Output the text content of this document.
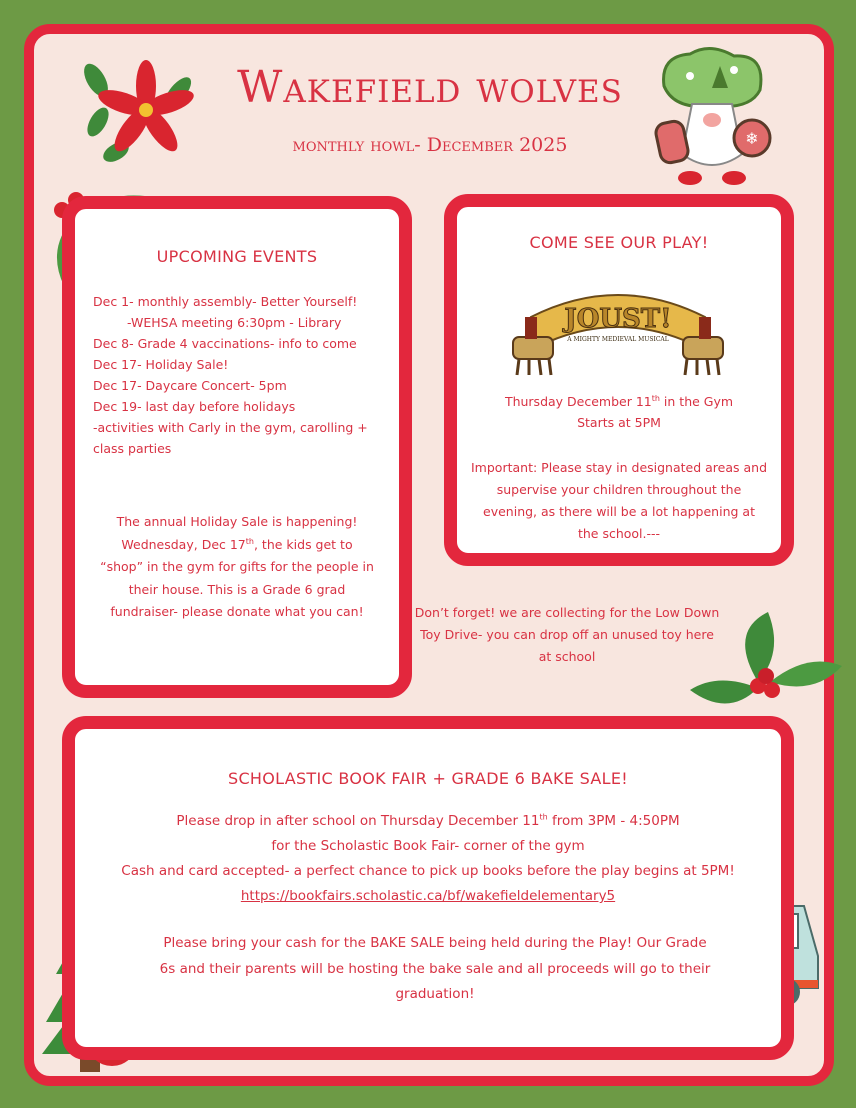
❄
Wakefield wolves
monthly howl- December 2025
UPCOMING EVENTS
Dec 1- monthly assembly- Better Yourself!
-WEHSA meeting 6:30pm - Library
Dec 8- Grade 4 vaccinations- info to come
Dec 17- Holiday Sale!
Dec 17- Daycare Concert- 5pm
Dec 19- last day before holidays
-activities with Carly in the gym, carolling + class parties
The annual Holiday Sale is happening!
Wednesday, Dec 17th, the kids get to
“shop” in the gym for gifts for the people in their house. This is a Grade 6 grad fundraiser- please donate what you can!
COME SEE OUR PLAY!
JOUST!
A MIGHTY MEDIEVAL MUSICAL
Thursday December 11th in the Gym
Starts at 5PM
Important: Please stay in designated areas and supervise your children throughout the evening, as there will be a lot happening at the school.---
Don’t forget! we are collecting for the Low Down Toy Drive- you can drop off an unused toy here at school
SCHOLASTIC BOOK FAIR + GRADE 6 BAKE SALE!
Please drop in after school on Thursday December 11th from 3PM - 4:50PM
for the Scholastic Book Fair- corner of the gym
Cash and card accepted- a perfect chance to pick up books before the play begins at 5PM!
https://bookfairs.scholastic.ca/bf/wakefieldelementary5
Please bring your cash for the BAKE SALE being held during the Play! Our Grade 6s and their parents will be hosting the bake sale and all proceeds will go to their graduation!
